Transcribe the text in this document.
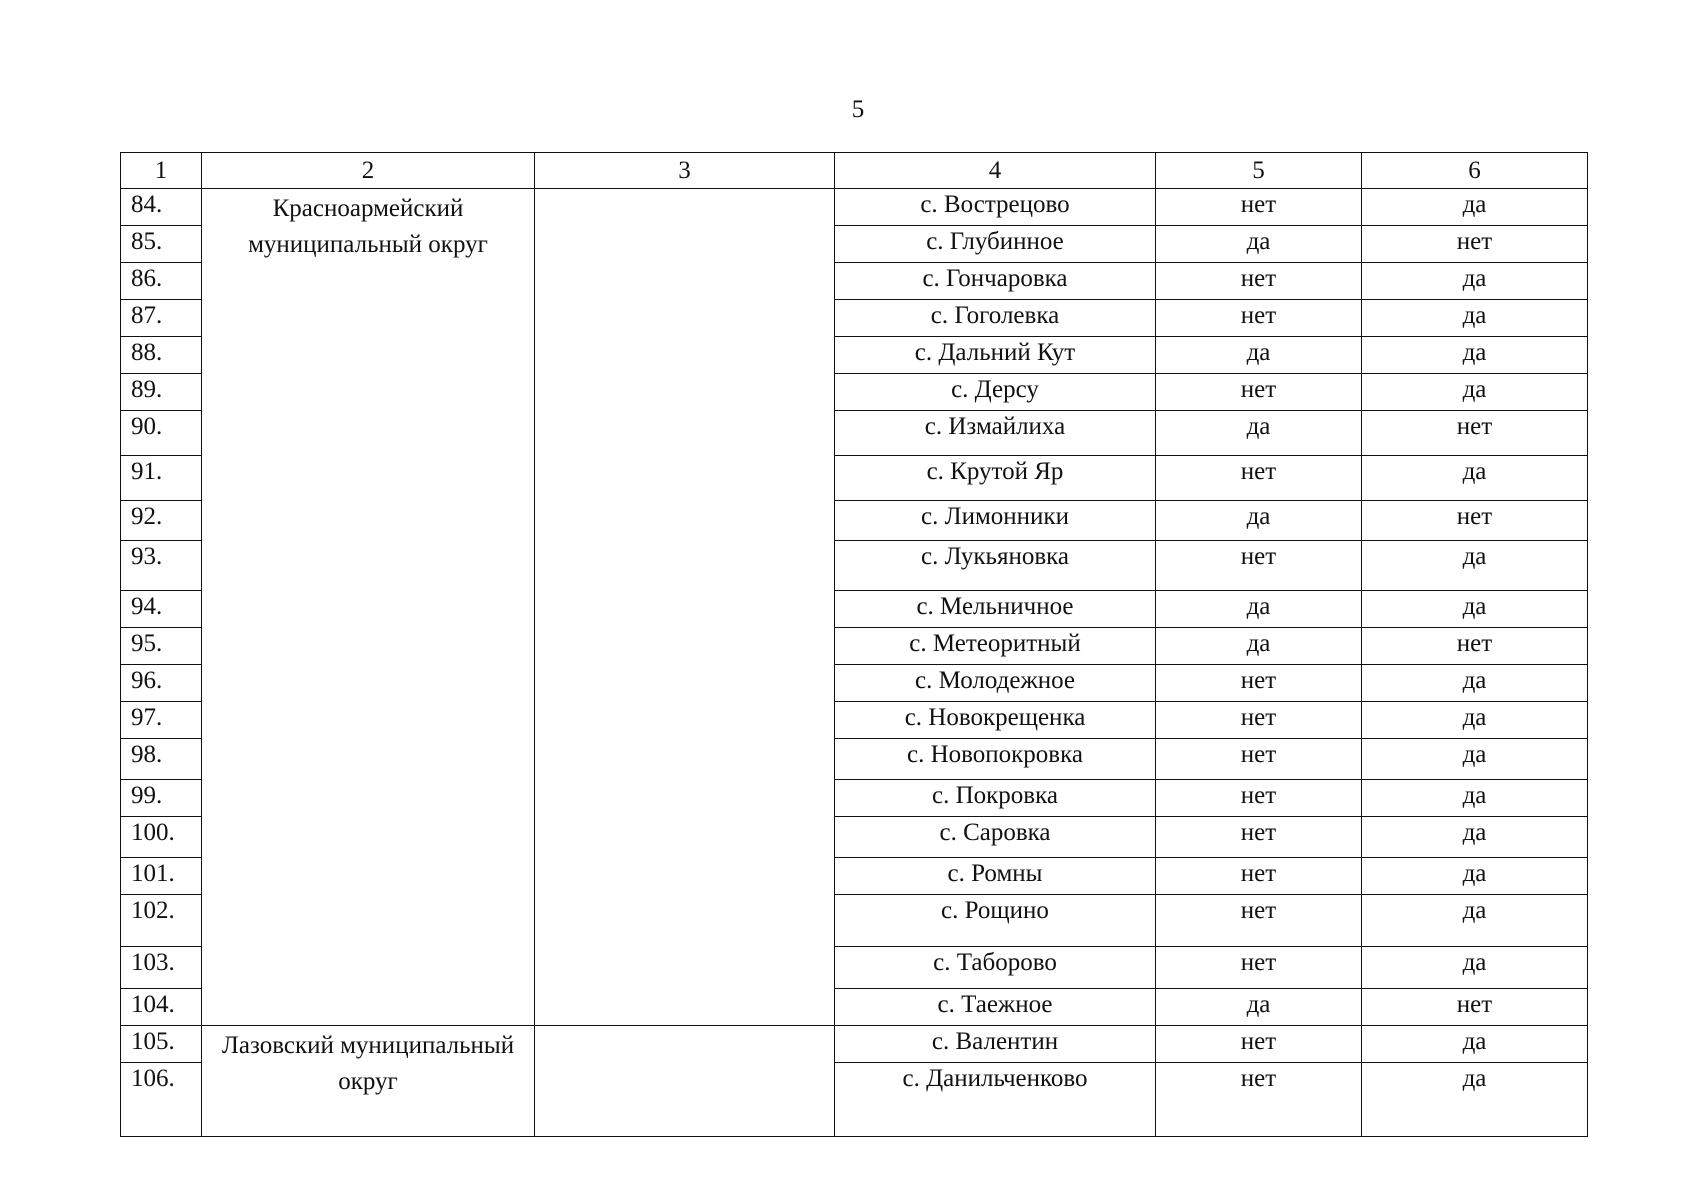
5
1	2	3	4	5	6
84.	Красноармейский муниципальный округ		с. Вострецово	нет	да
85.			с. Глубинное	да	нет
86.			с. Гончаровка	нет	да
87.			с. Гоголевка	нет	да
88.			с. Дальний Кут	да	да
89.			с. Дерсу	нет	да
90.			с. Измайлиха	да	нет
91.			с. Крутой Яр	нет	да
92.			с. Лимонники	да	нет
93.			с. Лукьяновка	нет	да
94.			с. Мельничное	да	да
95.			с. Метеоритный	да	нет
96.			с. Молодежное	нет	да
97.			с. Новокрещенка	нет	да
98.			с. Новопокровка	нет	да
99.			с. Покровка	нет	да
100.			с. Саровка	нет	да
101.			с. Ромны	нет	да
102.			с. Рощино	нет	да
103.			с. Таборово	нет	да
104.			с. Таежное	да	нет
105.	Лазовский муниципальный округ		с. Валентин	нет	да
106.			с. Данильченково	нет	да
